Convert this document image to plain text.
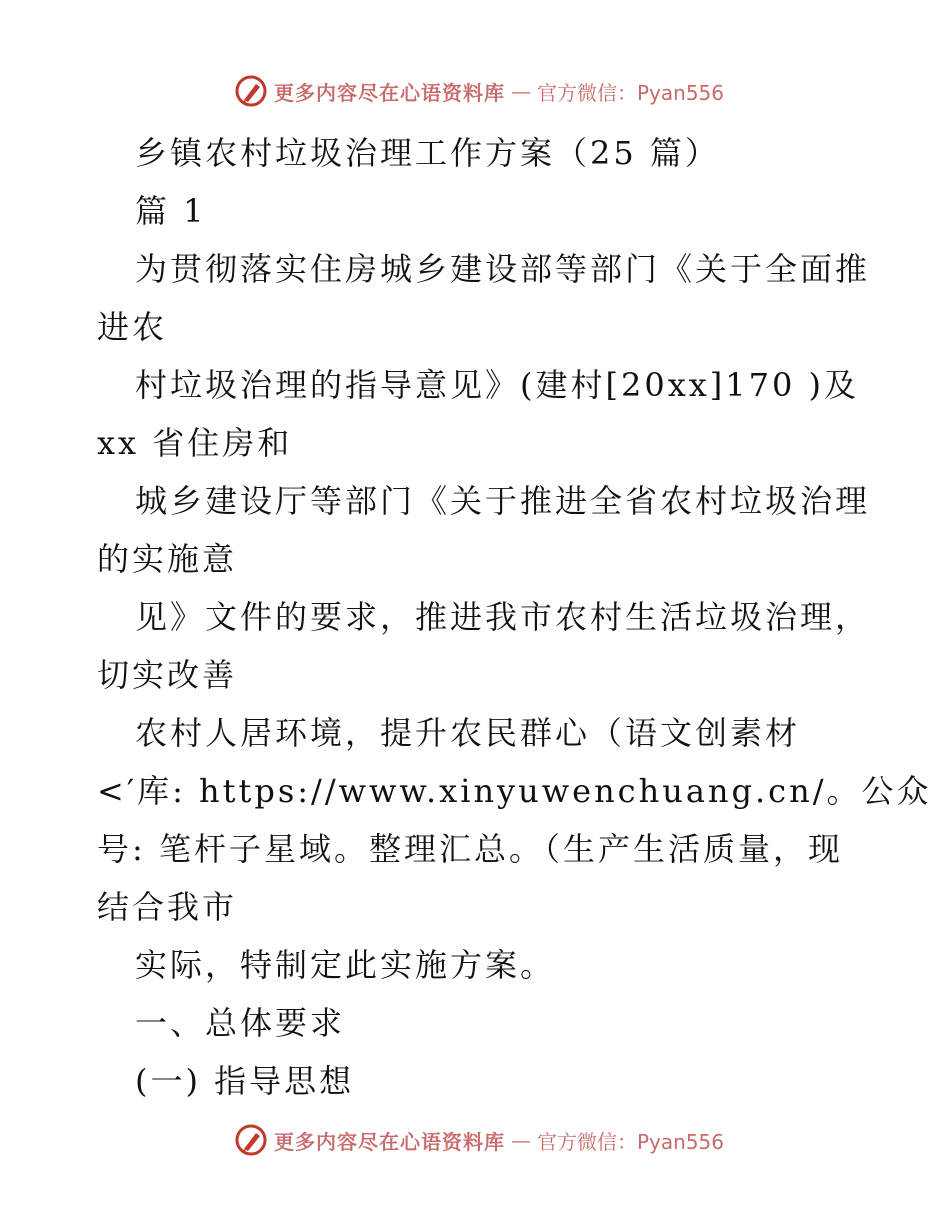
更多内容尽在心语资料库 — 官方微信：Pyan556
乡镇农村垃圾治理工作方案（25 篇）
篇 1
为贯彻落实住房城乡建设部等部门《关于全面推
进农
村垃圾治理的指导意见》(建村[20xx]170 )及
xx 省住房和
城乡建设厅等部门《关于推进全省农村垃圾治理
的实施意
见》文件的要求，推进我市农村生活垃圾治理，
切实改善
农村人居环境，提升农民群心（语文创素材
<′库: https://www.xinyuwenchuang.cn/。公众
号: 笔杆子星域。整理汇总。（生产生活质量，现
结合我市
实际，特制定此实施方案。
一、总体要求
(一) 指导思想
更多内容尽在心语资料库 — 官方微信：Pyan556
